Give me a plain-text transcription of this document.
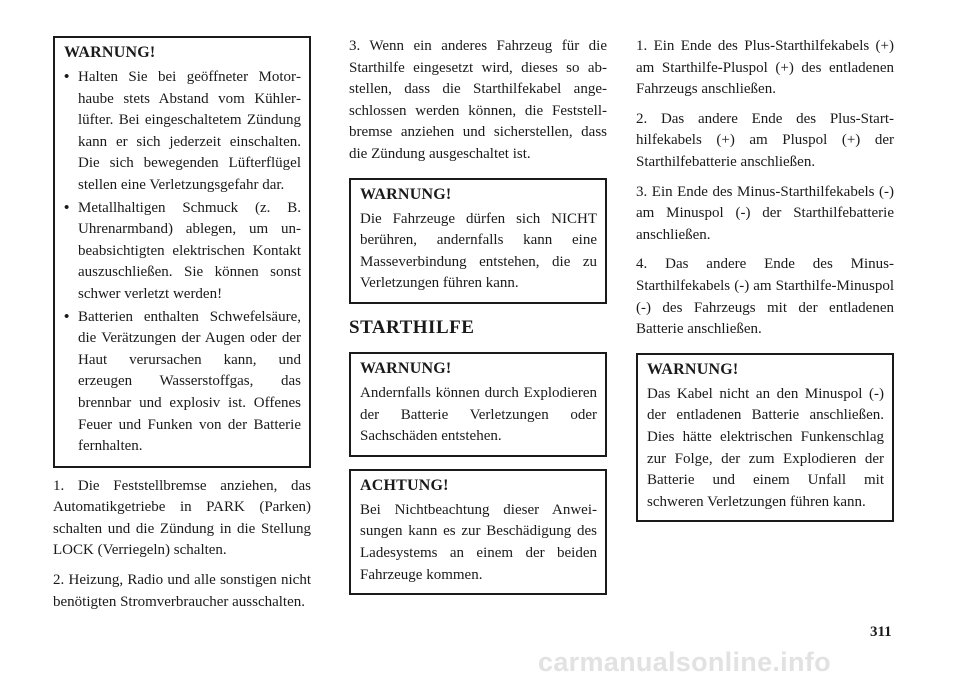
WARNUNG!

• Halten Sie bei geöffneter Motorhaube stets Abstand vom Kühlerlüfter. Bei eingeschaltetem Zündung kann er sich jederzeit einschalten. Die sich bewegenden Lüfterflügel stellen eine Verletzungsgefahr dar.
• Metallhaltigen Schmuck (z. B. Uhrenarmband) ablegen, um unbeabsichtigten elektrischen Kontakt auszuschließen. Sie können sonst schwer verletzt werden!
• Batterien enthalten Schwefelsäure, die Verätzungen der Augen oder der Haut verursachen kann, und erzeugen Wasserstoffgas, das brennbar und explosiv ist. Offenes Feuer und Funken von der Batterie fernhalten.

1. Die Feststellbremse anziehen, das Automatikgetriebe in PARK (Parken) schalten und die Zündung in die Stellung LOCK (Verriegeln) schalten.

2. Heizung, Radio und alle sonstigen nicht benötigten Stromverbraucher ausschalten.

3. Wenn ein anderes Fahrzeug für die Starthilfe eingesetzt wird, dieses so abstellen, dass die Starthilfekabel angeschlossen werden können, die Feststellbremse anziehen und sicherstellen, dass die Zündung ausgeschaltet ist.

WARNUNG!

Die Fahrzeuge dürfen sich NICHT berühren, andernfalls kann eine Masseverbindung entstehen, die zu Verletzungen führen kann.

STARTHILFE

WARNUNG!

Andernfalls können durch Explodieren der Batterie Verletzungen oder Sachschäden entstehen.

ACHTUNG!

Bei Nichtbeachtung dieser Anweisungen kann es zur Beschädigung des Ladesystems an einem der beiden Fahrzeuge kommen.

1. Ein Ende des Plus-Starthilfekabels (+) am Starthilfe-Pluspol (+) des entladenen Fahrzeugs anschließen.

2. Das andere Ende des Plus-Starthilfekabels (+) am Pluspol (+) der Starthilfebatterie anschließen.

3. Ein Ende des Minus-Starthilfekabels (-) am Minuspol (-) der Starthilfebatterie anschließen.

4. Das andere Ende des Minus-Starthilfekabels (-) am Starthilfe-Minuspol (-) des Fahrzeugs mit der entladenen Batterie anschließen.

WARNUNG!

Das Kabel nicht an den Minuspol (-) der entladenen Batterie anschließen. Dies hätte elektrischen Funkenschlag zur Folge, der zum Explodieren der Batterie und einem Unfall mit schweren Verletzungen führen kann.

311
carmanualsonline.info
